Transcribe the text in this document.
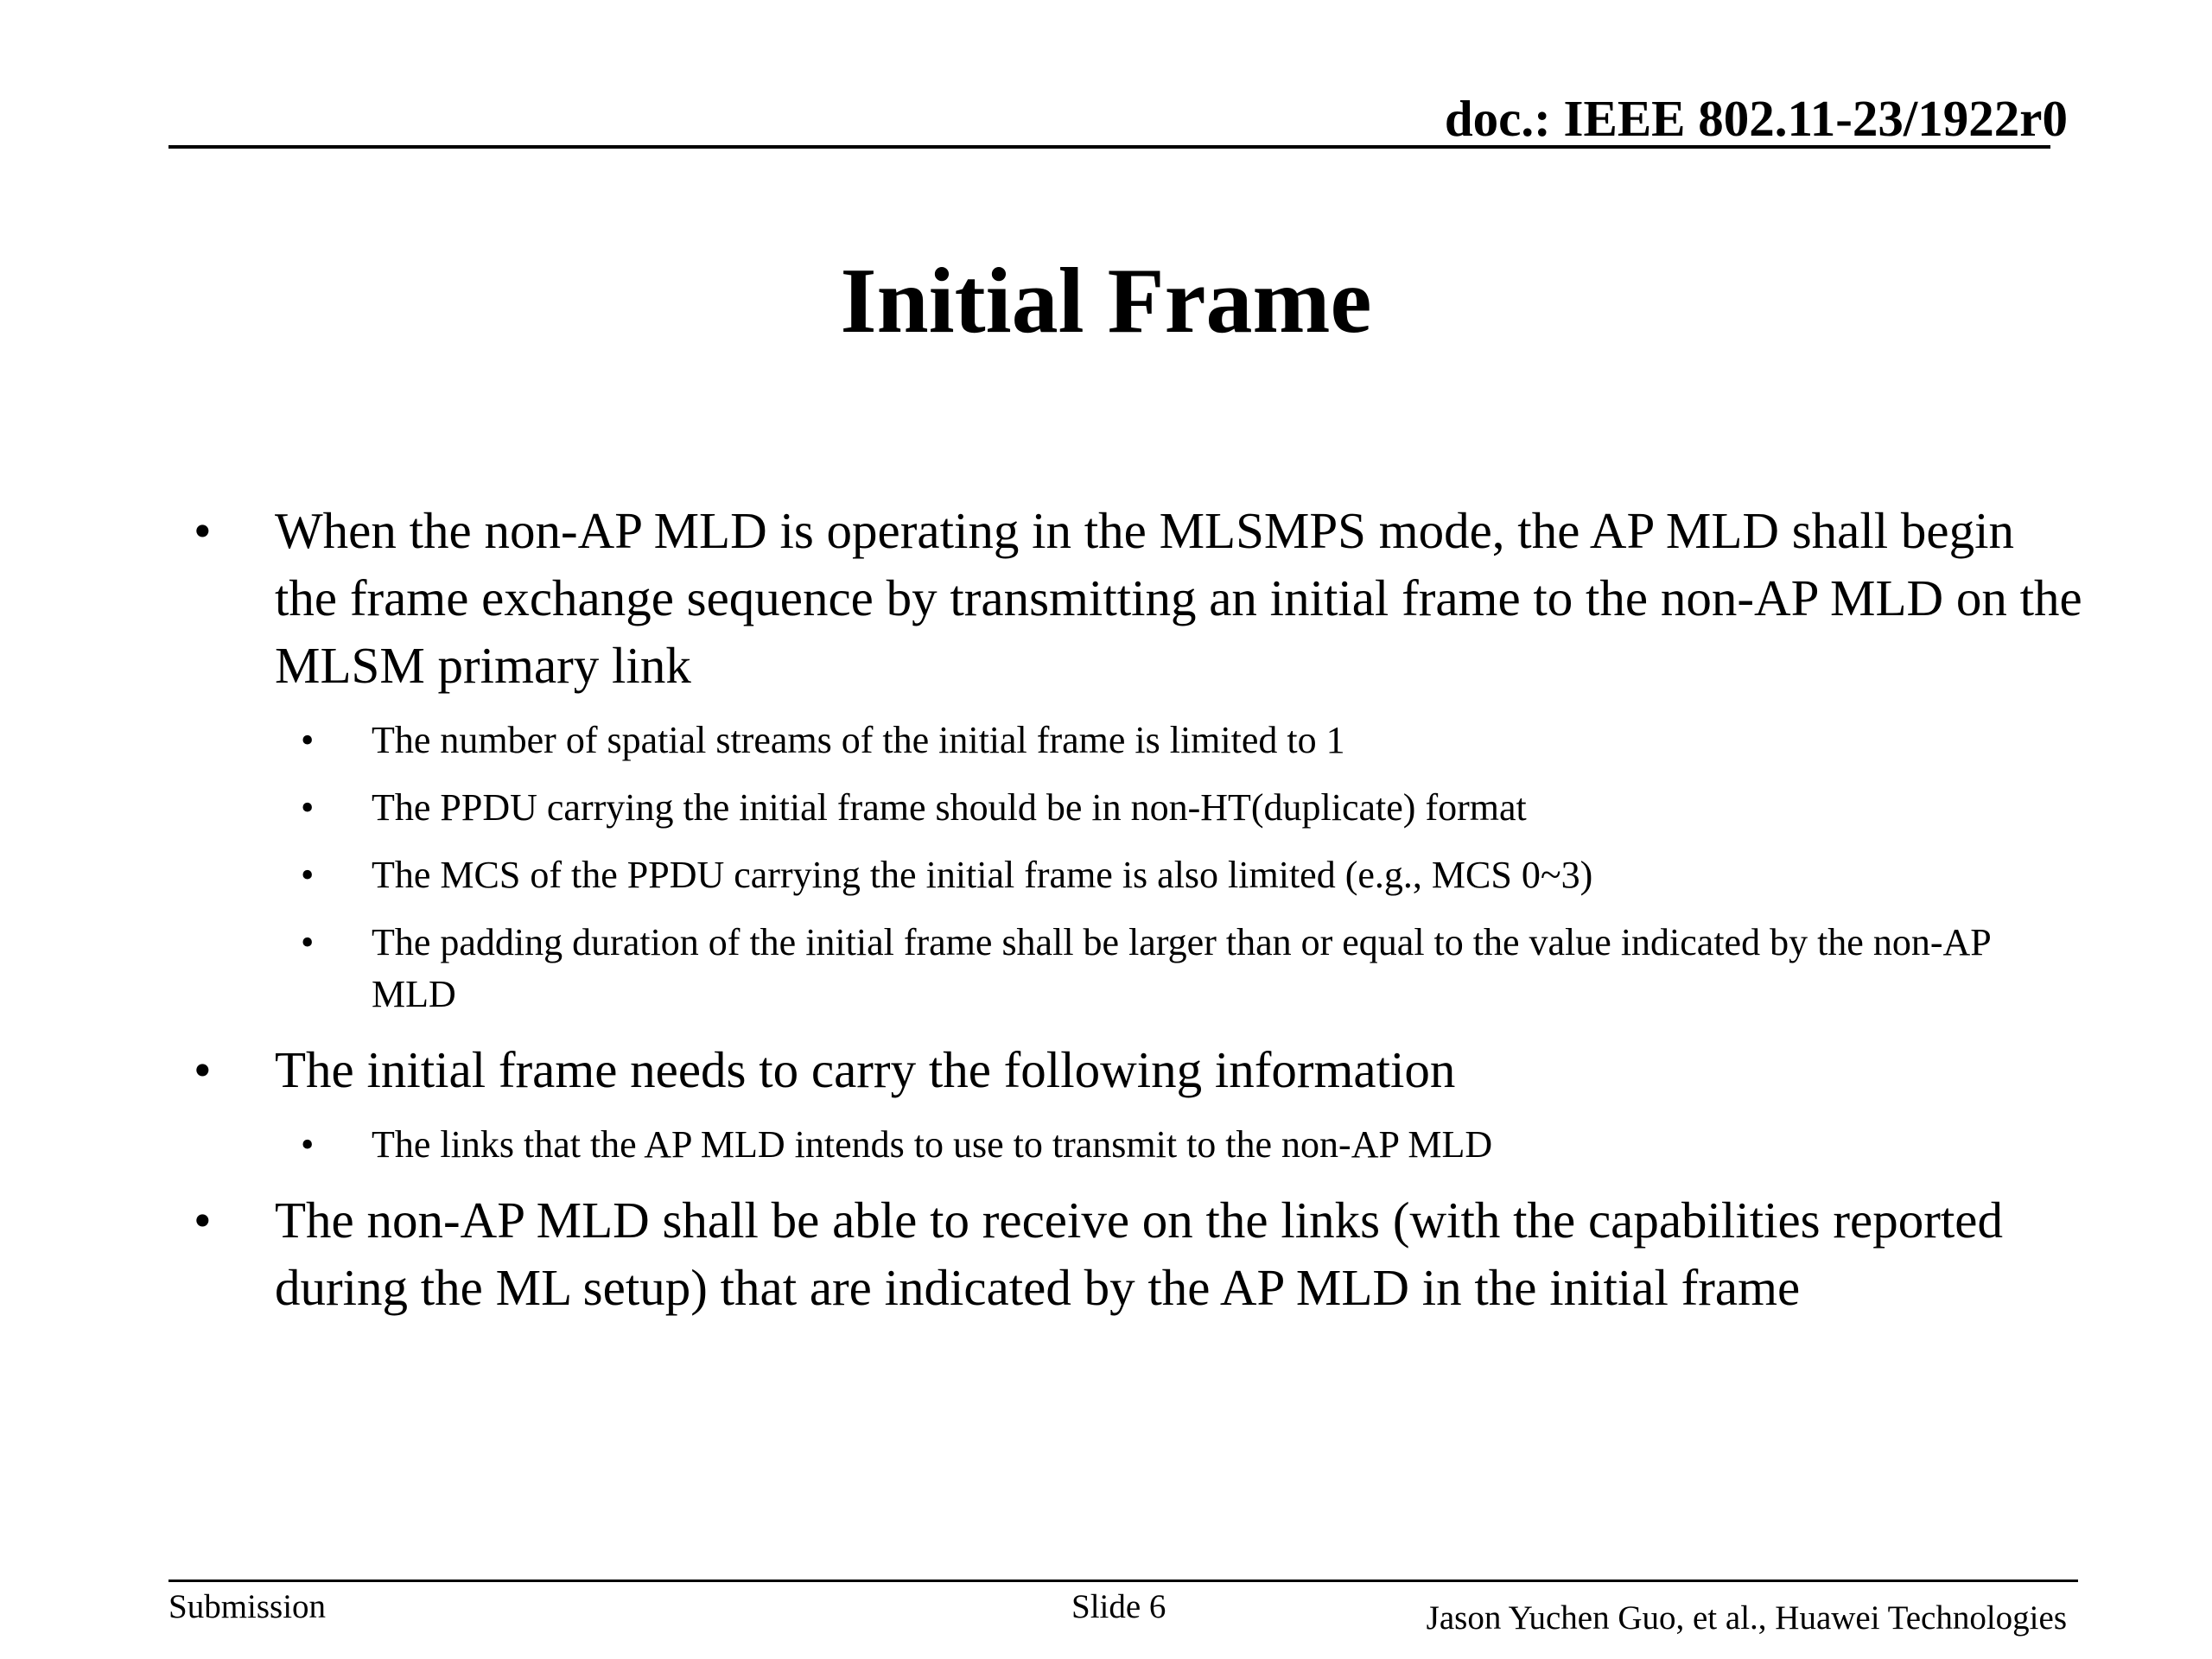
doc.: IEEE 802.11-23/1922r0
Initial Frame
• When the non-AP MLD is operating in the MLSMPS mode, the AP MLD shall begin the frame exchange sequence by transmitting an initial frame to the non-AP MLD on the MLSM primary link
• The number of spatial streams of the initial frame is limited to 1
• The PPDU carrying the initial frame should be in non-HT(duplicate) format
• The MCS of the PPDU carrying the initial frame is also limited (e.g., MCS 0~3)
• The padding duration of the initial frame shall be larger than or equal to the value indicated by the non-AP MLD
• The initial frame needs to carry the following information
• The links that the AP MLD intends to use to transmit to the non-AP MLD
• The non-AP MLD shall be able to receive on the links (with the capabilities reported during the ML setup) that are indicated by the AP MLD in the initial frame
Submission	Slide 6	Jason Yuchen Guo, et al., Huawei Technologies
